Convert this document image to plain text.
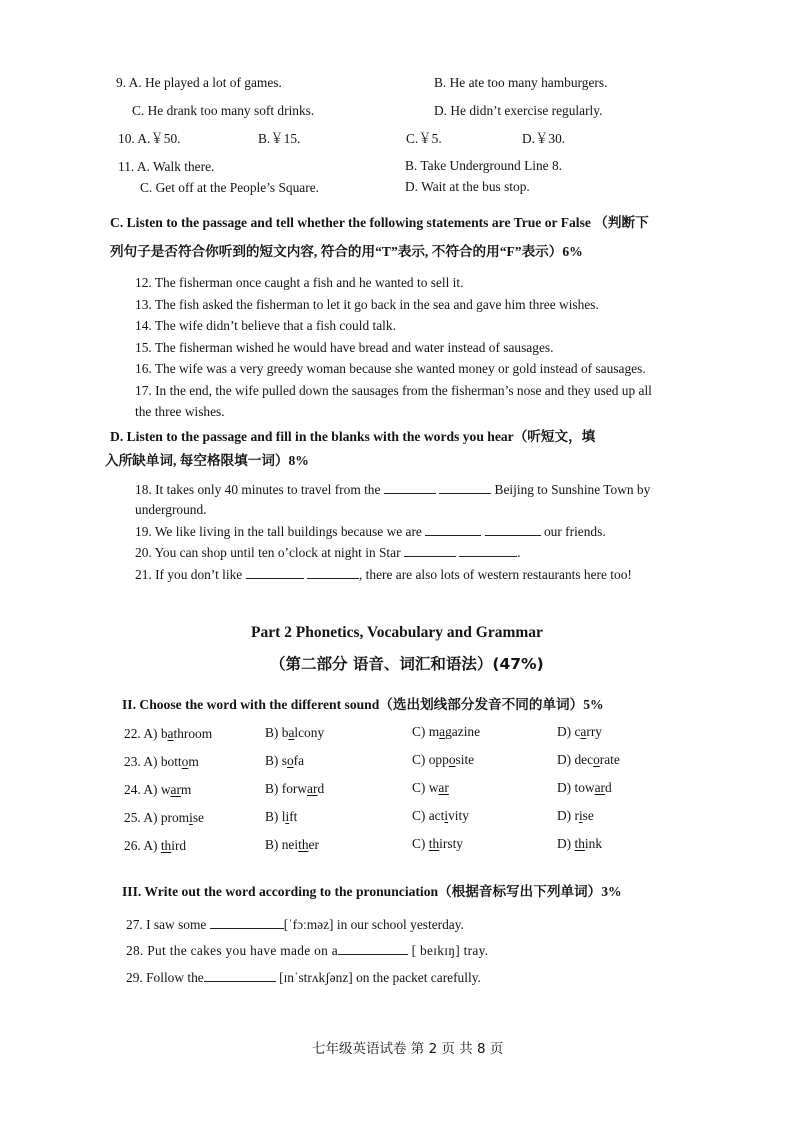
9. A. He played a lot of games.	B. He ate too many hamburgers.
C. He drank too many soft drinks.	D. He didn’t exercise regularly.
10. A.￥50.	B.￥15.	C.￥5.	D.￥30.
11. A. Walk there.	B. Take Underground Line 8.
C. Get off at the People’s Square.	D. Wait at the bus stop.
C. Listen to the passage and tell whether the following statements are True or False （判断下
列句子是否符合你听到的短文内容, 符合的用“T”表示, 不符合的用“F”表示）6%
12. The fisherman once caught a fish and he wanted to sell it.
13. The fish asked the fisherman to let it go back in the sea and gave him three wishes.
14. The wife didn’t believe that a fish could talk.
15. The fisherman wished he would have bread and water instead of sausages.
16. The wife was a very greedy woman because she wanted money or gold instead of sausages.
17. In the end, the wife pulled down the sausages from the fisherman’s nose and they used up all
the three wishes.
D. Listen to the passage and fill in the blanks with the words you hear（听短文，填
入所缺单词, 每空格限填一词）8%
18. It takes only 40 minutes to travel from the	Beijing to Sunshine Town by
underground.
19. We like living in the tall buildings because we are	our friends.
20. You can shop until ten o’clock at night in Star	.
21. If you don’t like	, there are also lots of western restaurants here too!
Part 2 Phonetics, Vocabulary and Grammar
（第二部分 语音、词汇和语法）(47%)
II. Choose the word with the different sound（选出划线部分发音不同的单词）5%
22. A) bathroom	B) balcony	C) magazine	D) carry
23. A) bottom	B) sofa	C) opposite	D) decorate
24. A) warm	B) forward	C) war	D) toward
25. A) promise	B) lift	C) activity	D) rise
26. A) third	B) neither	C) thirsty	D) think
III. Write out the word according to the pronunciation（根据音标写出下列单词）3%
27. I saw some	[ˈfɔːməz] in our school yesterday.
28. Put the cakes you have made on a	[ beɪkɪŋ] tray.
29. Follow the	[ɪnˈstrʌkʃənz] on the packet carefully.
七年级英语试卷 第 2 页 共 8 页
